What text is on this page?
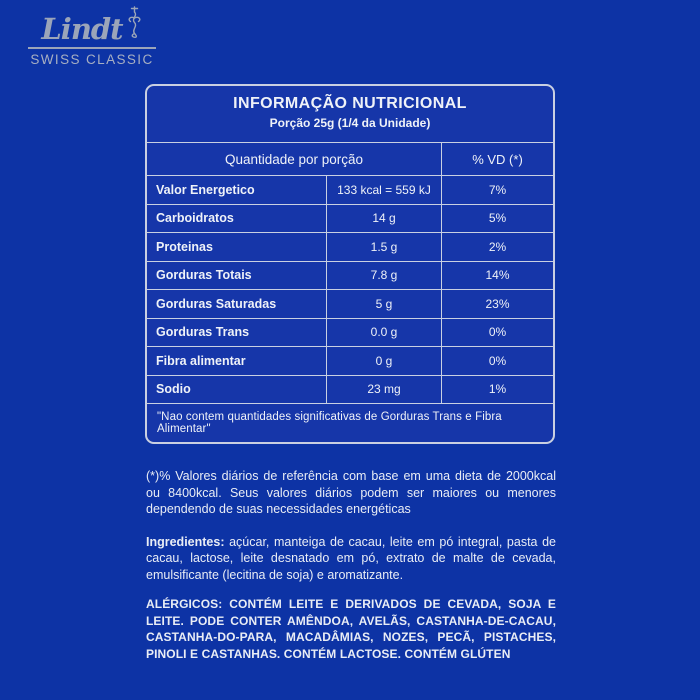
Lindt
SWISS CLASSIC
INFORMAÇÃO NUTRICIONAL
Porção 25g (1/4 da Unidade)
Quantidade por porção	% VD (*)
Valor Energetico	133 kcal = 559 kJ	7%
Carboidratos	14 g	5%
Proteinas	1.5 g	2%
Gorduras Totais	7.8 g	14%
Gorduras Saturadas	5 g	23%
Gorduras Trans	0.0 g	0%
Fibra alimentar	0 g	0%
Sodio	23 mg	1%
"Nao contem quantidades significativas de Gorduras Trans e Fibra Alimentar"

(*)% Valores diários de referência com base em uma dieta de 2000kcal ou 8400kcal. Seus valores diários podem ser maiores ou menores dependendo de suas necessidades energéticas

Ingredientes: açúcar, manteiga de cacau, leite em pó integral, pasta de cacau, lactose, leite desnatado em pó, extrato de malte de cevada, emulsificante (lecitina de soja) e aromatizante.

ALÉRGICOS: CONTÉM LEITE E DERIVADOS DE CEVADA, SOJA E LEITE. PODE CONTER AMÊNDOA, AVELÃS, CASTANHA-DE-CACAU, CASTANHA-DO-PARA, MACADÂMIAS, NOZES, PECÃ, PISTACHES, PINOLI E CASTANHAS. CONTÉM LACTOSE. CONTÉM GLÚTEN
